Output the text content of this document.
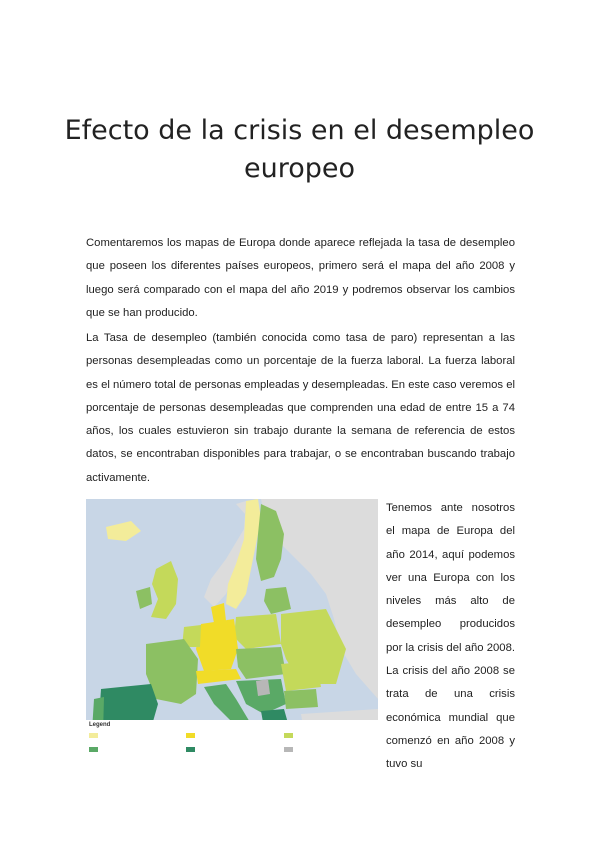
Efecto de la crisis en el desempleo europeo

Comentaremos los mapas de Europa donde aparece reflejada la tasa de desempleo que poseen los diferentes países europeos, primero será el mapa del año 2008 y luego será comparado con el mapa del año 2019 y podremos observar los cambios que se han producido.

La Tasa de desempleo (también conocida como tasa de paro) representan a las personas desempleadas como un porcentaje de la fuerza laboral. La fuerza laboral es el número total de personas empleadas y desempleadas. En este caso veremos el porcentaje de personas desempleadas que comprenden una edad de entre 15 a 74 años, los cuales estuvieron sin trabajo durante la semana de referencia de estos datos, se encontraban disponibles para trabajar, o se encontraban buscando trabajo activamente.

Legend

Tenemos ante nosotros el mapa de Europa del año 2014, aquí podemos ver una Europa con los niveles más alto de desempleo producidos por la crisis del año 2008. La crisis del año 2008 se trata de una crisis económica mundial que comenzó en año 2008 y tuvo su
